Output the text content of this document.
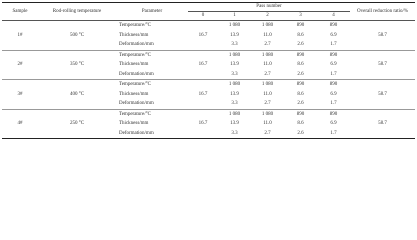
Sample	Rod-rolling temperature	Parameter	Pass number					Overall reduction ratio/%
			0	1	2	3	4	
1#	500 °C	Temperature/°C		1 080	1 080	890	890	58.7
		Thickness/mm	16.7	13.9	11.0	8.6	6.9	
		Deformation/mm		3.3	2.7	2.6	1.7	
2#	350 °C	Temperature/°C		1 080	1 080	890	890	58.7
		Thickness/mm	16.7	13.9	11.0	8.6	6.9	
		Deformation/mm		3.3	2.7	2.6	1.7	
3#	400 °C	Temperature/°C		1 080	1 080	890	890	58.7
		Thickness/mm	16.7	13.9	11.0	8.6	6.9	
		Deformation/mm		3.3	2.7	2.6	1.7	
4#	250 °C	Temperature/°C		1 080	1 080	890	890	58.7
		Thickness/mm	16.7	13.9	11.0	8.6	6.9	
		Deformation/mm		3.3	2.7	2.6	1.7	
